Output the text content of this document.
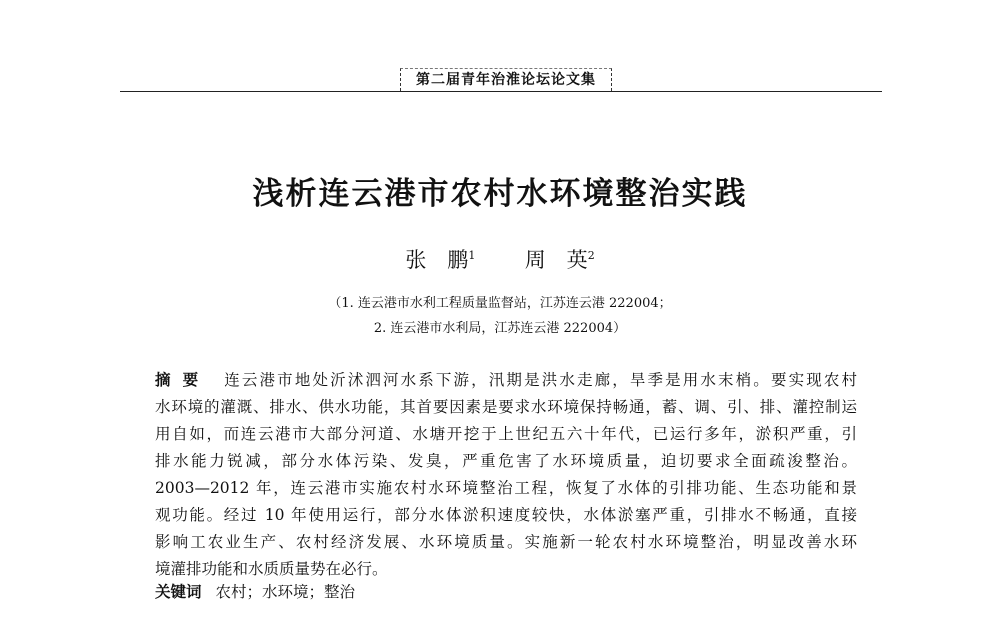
第二届青年治淮论坛论文集
浅析连云港市农村水环境整治实践
张　鹏$^1$ 周　英$^2$
（1. 连云港市水利工程质量监督站，江苏连云港 222004；
2. 连云港市水利局，江苏连云港 222004）
摘要 连云港市地处沂沭泗河水系下游，汛期是洪水走廊，旱季是用水末梢。要实现农村
水环境的灌溉、排水、供水功能，其首要因素是要求水环境保持畅通，蓄、调、引、排、灌控制运
用自如，而连云港市大部分河道、水塘开挖于上世纪五六十年代，已运行多年，淤积严重，引
排水能力锐减，部分水体污染、发臭，严重危害了水环境质量，迫切要求全面疏浚整治。
2003—2012 年，连云港市实施农村水环境整治工程，恢复了水体的引排功能、生态功能和景
观功能。经过 10 年使用运行，部分水体淤积速度较快，水体淤塞严重，引排水不畅通，直接
影响工农业生产、农村经济发展、水环境质量。实施新一轮农村水环境整治，明显改善水环
境灌排功能和水质质量势在必行。
关键词 农村；水环境；整治
